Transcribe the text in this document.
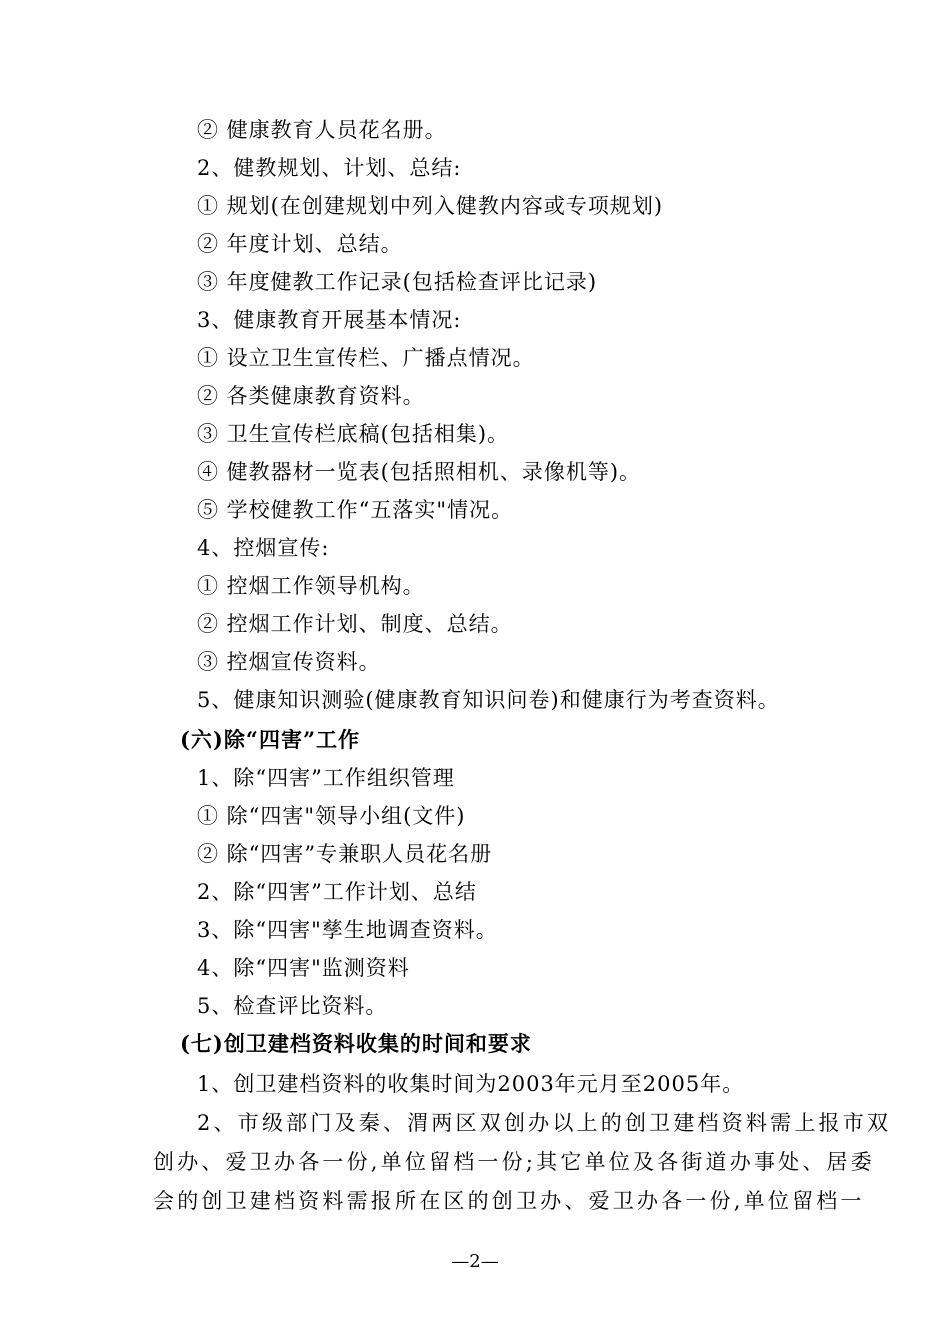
② 健康教育人员花名册。
2、健教规划、计划、总结:
① 规划(在创建规划中列入健教内容或专项规划)
② 年度计划、总结。
③ 年度健教工作记录(包括检查评比记录)
3、健康教育开展基本情况:
① 设立卫生宣传栏、广播点情况。
② 各类健康教育资料。
③ 卫生宣传栏底稿(包括相集)。
④ 健教器材一览表(包括照相机、录像机等)。
⑤ 学校健教工作“五落实"情况。
4、控烟宣传:
① 控烟工作领导机构。
② 控烟工作计划、制度、总结。
③ 控烟宣传资料。
5、健康知识测验(健康教育知识问卷)和健康行为考查资料。
(六)除“四害”工作
1、除“四害”工作组织管理
① 除“四害"领导小组(文件)
② 除“四害”专兼职人员花名册
2、除“四害”工作计划、总结
3、除“四害"孳生地调查资料。
4、除“四害"监测资料
5、检查评比资料。
(七)创卫建档资料收集的时间和要求
1、创卫建档资料的收集时间为2003年元月至2005年。
2、市级部门及秦、渭两区双创办以上的创卫建档资料需上报市双
创办、爱卫办各一份,单位留档一份;其它单位及各街道办事处、居委
会的创卫建档资料需报所在区的创卫办、爱卫办各一份,单位留档一
—2—
